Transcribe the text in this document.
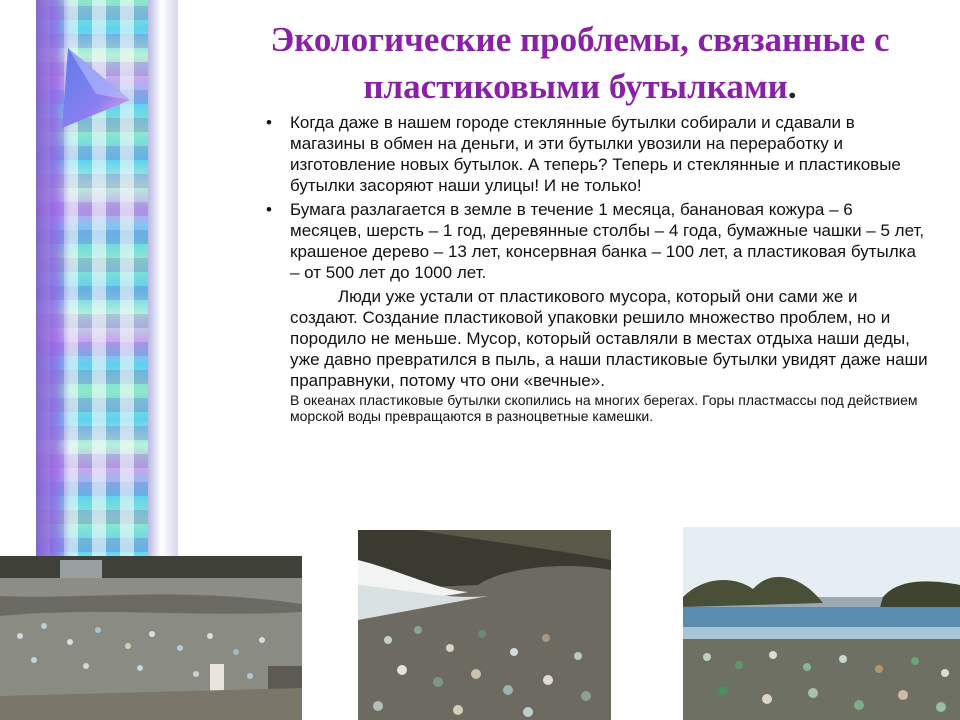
Экологические проблемы, связанные с
пластиковыми бутылками.
• Когда даже в нашем городе стеклянные бутылки собирали и сдавали в магазины в обмен на деньги, и эти бутылки увозили на переработку и изготовление новых бутылок. А теперь? Теперь и стеклянные и пластиковые бутылки засоряют наши улицы! И не только!
• Бумага разлагается в земле в течение 1 месяца, банановая кожура – 6 месяцев, шерсть – 1 год, деревянные столбы – 4 года, бумажные чашки – 5 лет, крашеное дерево – 13 лет, консервная банка – 100 лет, а пластиковая бутылка – от 500 лет до 1000 лет.
Люди уже устали от пластикового мусора, который они сами же и создают. Создание пластиковой упаковки решило множество проблем, но и породило не меньше. Мусор, который оставляли в местах отдыха наши деды, уже давно превратился в пыль, а наши пластиковые бутылки увидят даже наши праправнуки, потому что они «вечные».
В океанах пластиковые бутылки скопились на многих берегах. Горы пластмассы под действием морской воды превращаются в разноцветные камешки.
